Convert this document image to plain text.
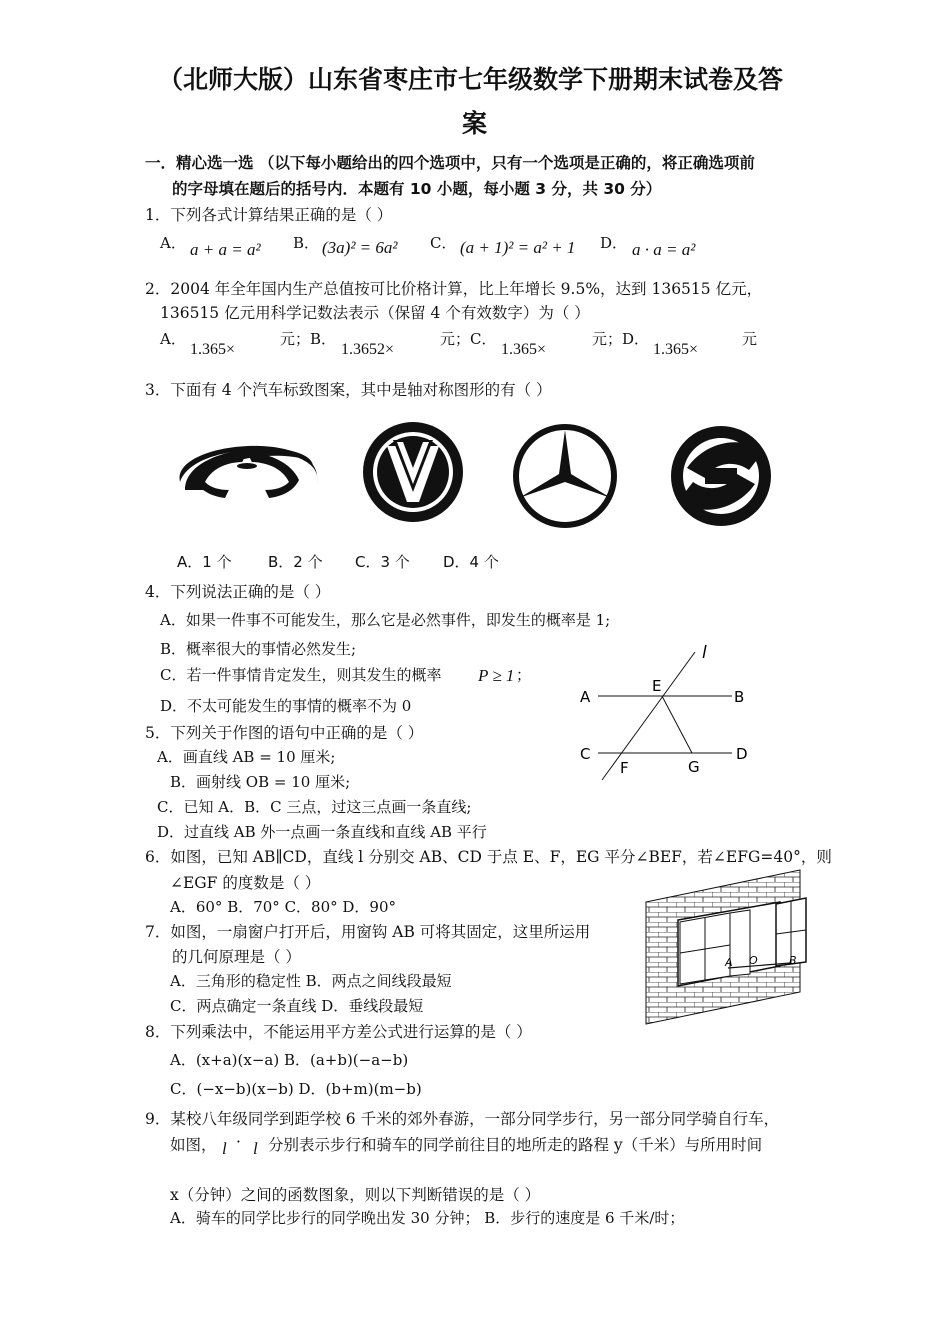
（北师大版）山东省枣庄市七年级数学下册期末试卷及答
案
一．精心选一选 （以下每小题给出的四个选项中，只有一个选项是正确的，将正确选项前
的字母填在题后的括号内．本题有 10 小题，每小题 3 分，共 30 分）
1．下列各式计算结果正确的是（ ）
A． a + a = a² B． (3a)² = 6a² C． (a + 1)² = a² + 1 D． a · a = a²
2．2004 年全年国内生产总值按可比价格计算，比上年增长 9.5%，达到 136515 亿元，
136515 亿元用科学记数法表示（保留 4 个有效数字）为（ ）
A．
1.365×
元；B．
1.3652×
元；C．
1.365×
元；D．
1.365×
元
3．下面有 4 个汽车标致图案，其中是轴对称图形的有（ ）
A．1 个 B．2 个 C．3 个 D．4 个
4．下列说法正确的是（ ）
A．如果一件事不可能发生，那么它是必然事件，即发生的概率是 1;
B．概率很大的事情必然发生;
C．若一件事情肯定发生，则其发生的概率 P ≥ 1 ；
D．不太可能发生的事情的概率不为 0
l
A	B
C	D
E
F	G
5．下列关于作图的语句中正确的是（ ）
A．画直线 AB = 10 厘米;
B．画射线 OB = 10 厘米;
C．已知 A．B．C 三点，过这三点画一条直线;
D．过直线 AB 外一点画一条直线和直线 AB 平行
6．如图，已知 AB∥CD，直线 l 分别交 AB、CD 于点 E、F，EG 平分∠BEF，若∠EFG=40°，则
∠EGF 的度数是（ ）
A．60° B．70° C．80° D．90°
A O	B
7．如图，一扇窗户打开后，用窗钩 AB 可将其固定，这里所运用
的几何原理是（ ）
A．三角形的稳定性 B．两点之间线段最短
C．两点确定一条直线 D．垂线段最短
8．下列乘法中，不能运用平方差公式进行运算的是（ ）
A．(x+a)(x−a) B．(a+b)(−a−b)
C．(−x−b)(x−b) D．(b+m)(m−b)
9．某校八年级同学到距学校 6 千米的郊外春游，一部分同学步行，另一部分同学骑自行车，
如图， l · l 分别表示步行和骑车的同学前往目的地所走的路程 y（千米）与所用时间
x（分钟）之间的函数图象，则以下判断错误的是（ ）
A．骑车的同学比步行的同学晚出发 30 分钟； B．步行的速度是 6 千米/时；
